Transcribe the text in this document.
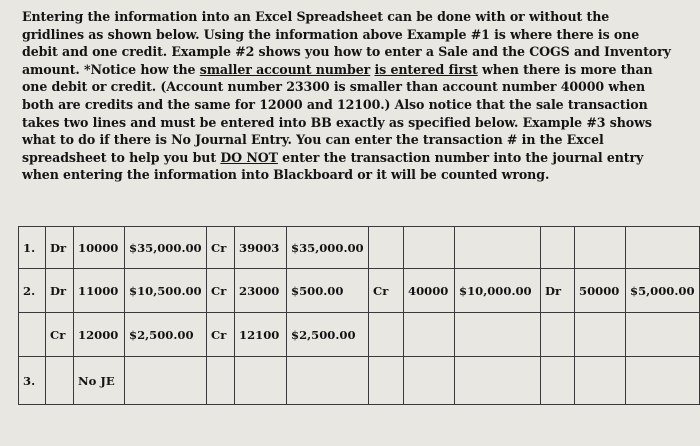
Entering the information into an Excel Spreadsheet can be done with or without the gridlines as shown below. Using the information above Example #1 is where there is one debit and one credit. Example #2 shows you how to enter a Sale and the COGS and Inventory amount. *Notice how the smaller account number is entered first when there is more than one debit or credit. (Account number 23300 is smaller than account number 40000 when both are credits and the same for 12000 and 12100.) Also notice that the sale transaction takes two lines and must be entered into BB exactly as specified below. Example #3 shows what to do if there is No Journal Entry. You can enter the transaction # in the Excel spreadsheet to help you but DO NOT enter the transaction number into the journal entry when entering the information into Blackboard or it will be counted wrong.
1.	Dr	10000	$35,000.00	Cr	39003	$35,000.00						
2.	Dr	11000	$10,500.00	Cr	23000	$500.00	Cr	40000	$10,000.00	Dr	50000	$5,000.00
	Cr	12000	$2,500.00	Cr	12100	$2,500.00						
3.		No JE										
